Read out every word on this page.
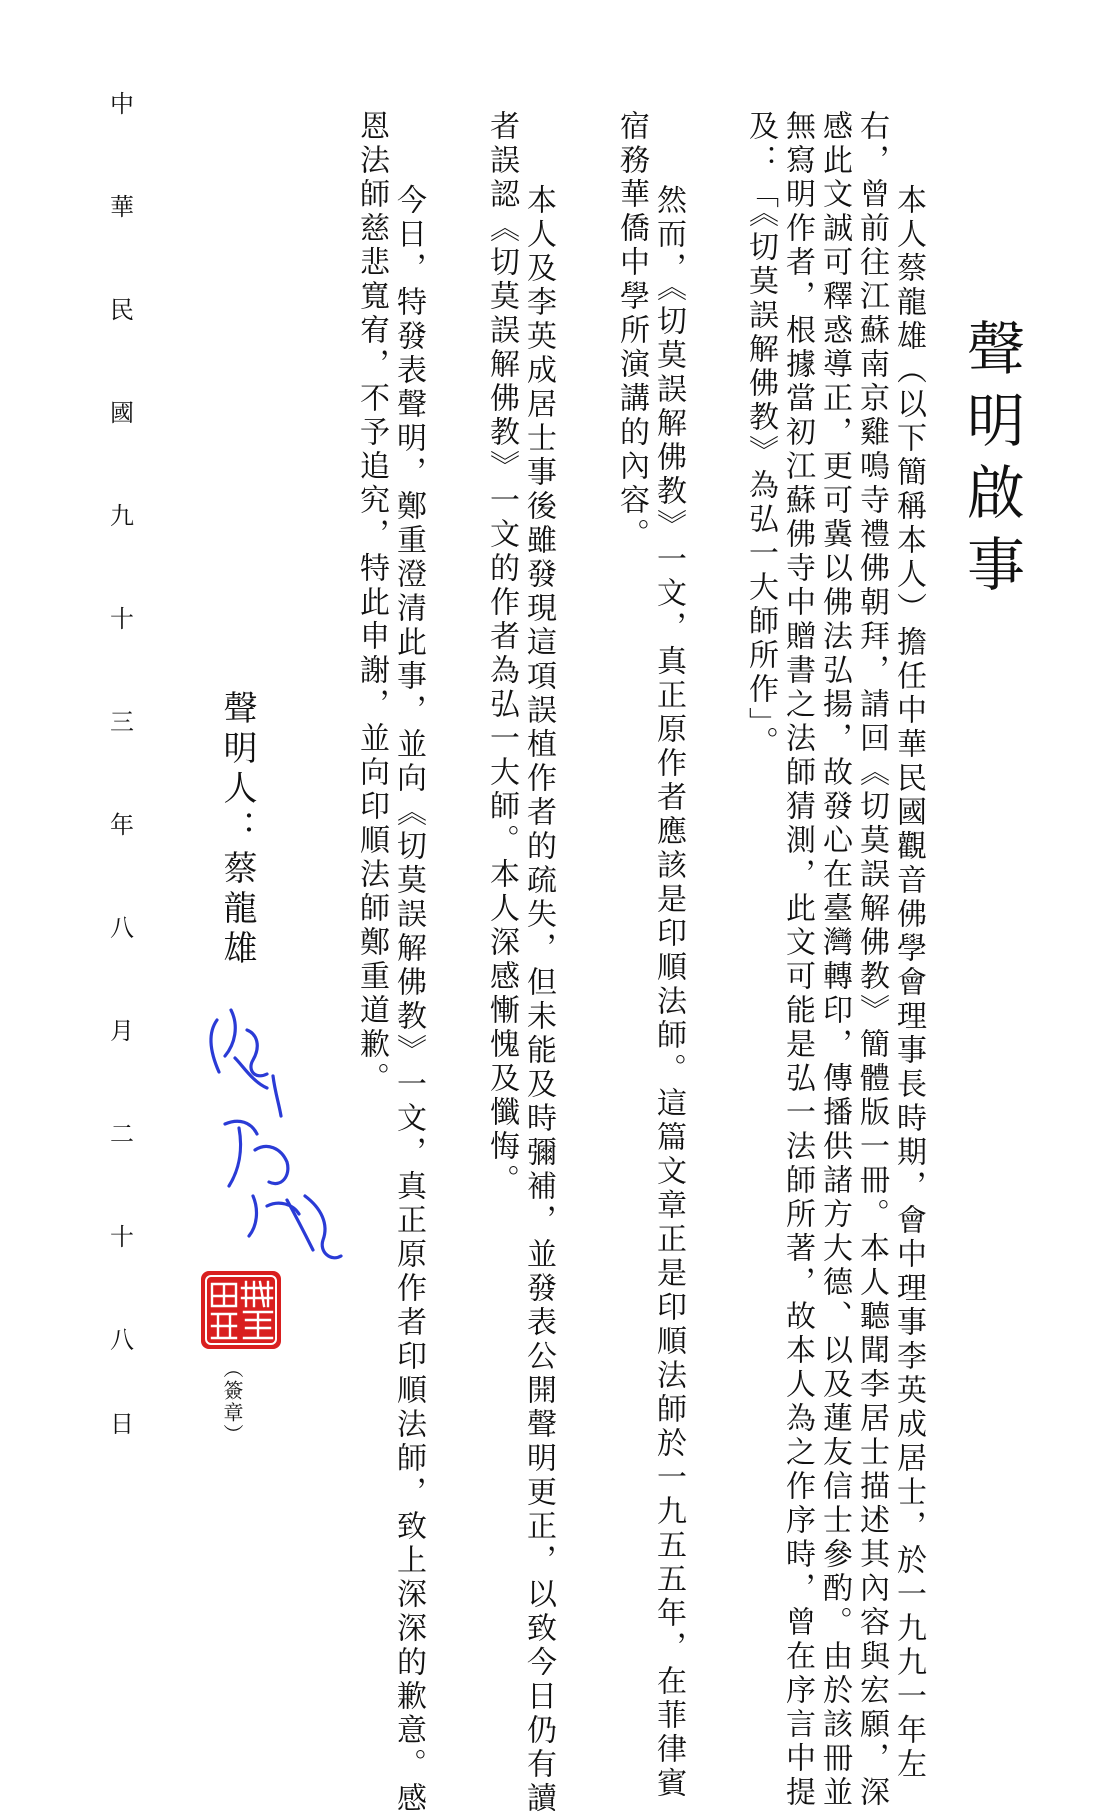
聲明啟事
　本人蔡龍雄（以下簡稱本人）擔任中華民國觀音佛學會理事長時期，會中理事李英成居士，於一九九一年左
右，曾前往江蘇南京雞鳴寺禮佛朝拜，請回《切莫誤解佛教》簡體版一冊。本人聽聞李居士描述其內容與宏願，深
感此文誠可釋惑導正，更可冀以佛法弘揚，故發心在臺灣轉印，傳播供諸方大德、以及蓮友信士參酌。由於該冊並
無寫明作者，根據當初江蘇佛寺中贈書之法師猜測，此文可能是弘一法師所著，故本人為之作序時，曾在序言中提
及：「《切莫誤解佛教》為弘一大師所作」。
　然而，《切莫誤解佛教》一文，真正原作者應該是印順法師。這篇文章正是印順法師於一九五五年，在菲律賓
宿務華僑中學所演講的內容。
　本人及李英成居士事後雖發現這項誤植作者的疏失，但未能及時彌補，並發表公開聲明更正，以致今日仍有讀
者誤認《切莫誤解佛教》一文的作者為弘一大師。本人深感慚愧及懺悔。
　今日，特發表聲明，鄭重澄清此事，並向《切莫誤解佛教》一文，真正原作者印順法師，致上深深的歉意。感
恩法師慈悲寬宥，不予追究，特此申謝，並向印順法師鄭重道歉。
聲明人：蔡龍雄
（簽章）
中
華
民
國
九
十
三
年
八
月
二
十
八
日
